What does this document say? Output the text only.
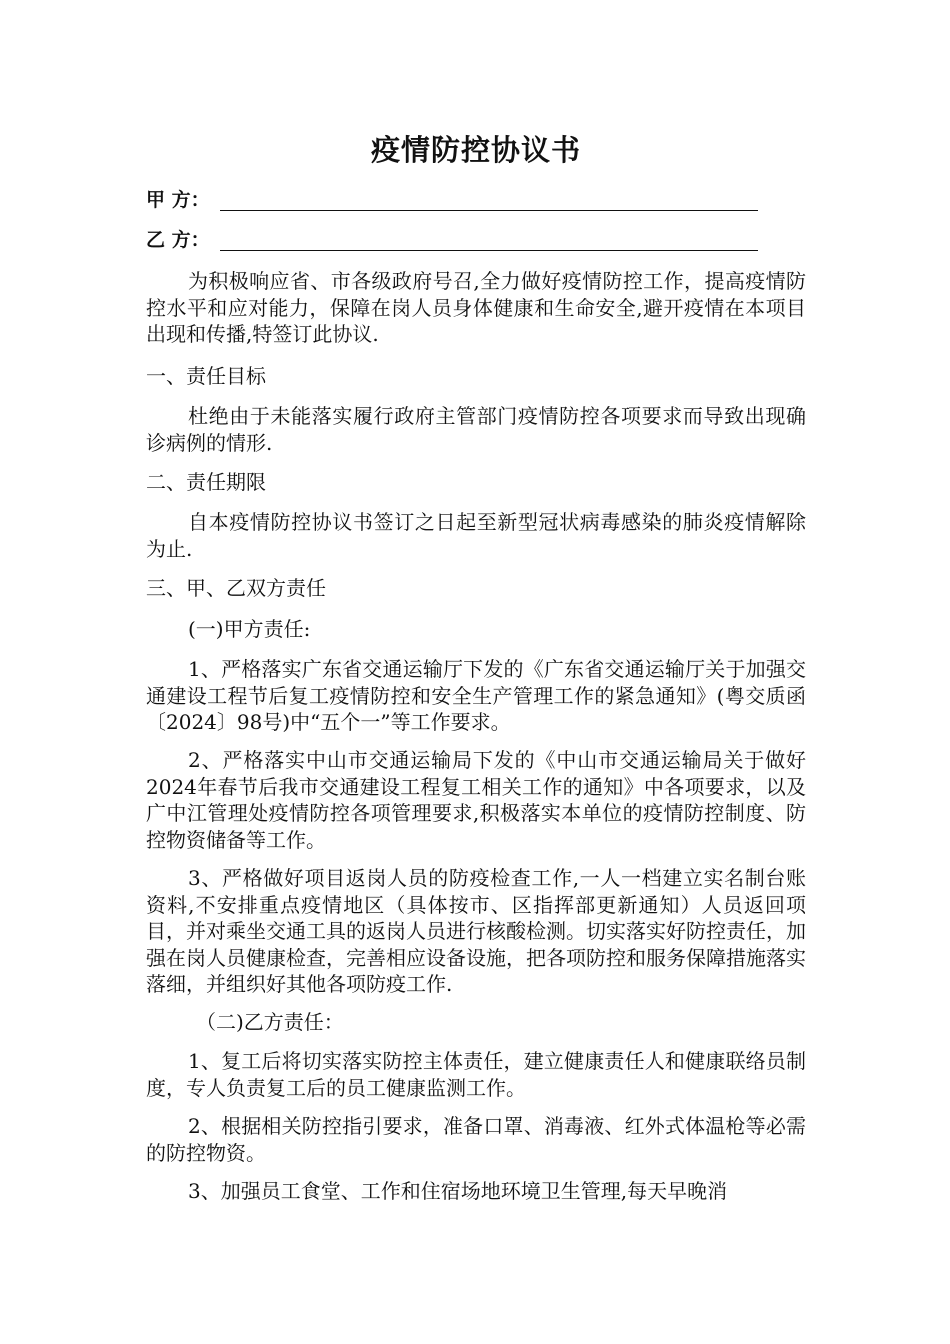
疫情防控协议书
甲 方：
乙 方：

为积极响应省、市各级政府号召,全力做好疫情防控工作，提高疫情防控水平和应对能力，保障在岗人员身体健康和生命安全,避开疫情在本项目出现和传播,特签订此协议.

一、责任目标

杜绝由于未能落实履行政府主管部门疫情防控各项要求而导致出现确诊病例的情形.

二、责任期限

自本疫情防控协议书签订之日起至新型冠状病毒感染的肺炎疫情解除为止.

三、甲、乙双方责任

(一)甲方责任:

1、严格落实广东省交通运输厅下发的《广东省交通运输厅关于加强交通建设工程节后复工疫情防控和安全生产管理工作的紧急通知》(粤交质函〔2024〕98号)中“五个一”等工作要求。

2、严格落实中山市交通运输局下发的《中山市交通运输局关于做好2024年春节后我市交通建设工程复工相关工作的通知》中各项要求，以及广中江管理处疫情防控各项管理要求,积极落实本单位的疫情防控制度、防控物资储备等工作。

3、严格做好项目返岗人员的防疫检查工作,一人一档建立实名制台账资料,不安排重点疫情地区（具体按市、区指挥部更新通知）人员返回项目，并对乘坐交通工具的返岗人员进行核酸检测。切实落实好防控责任，加强在岗人员健康检查，完善相应设备设施，把各项防控和服务保障措施落实落细，并组织好其他各项防疫工作.

（二)乙方责任：

1、复工后将切实落实防控主体责任，建立健康责任人和健康联络员制度，专人负责复工后的员工健康监测工作。

2、根据相关防控指引要求，准备口罩、消毒液、红外式体温枪等必需的防控物资。

3、加强员工食堂、工作和住宿场地环境卫生管理,每天早晚消
